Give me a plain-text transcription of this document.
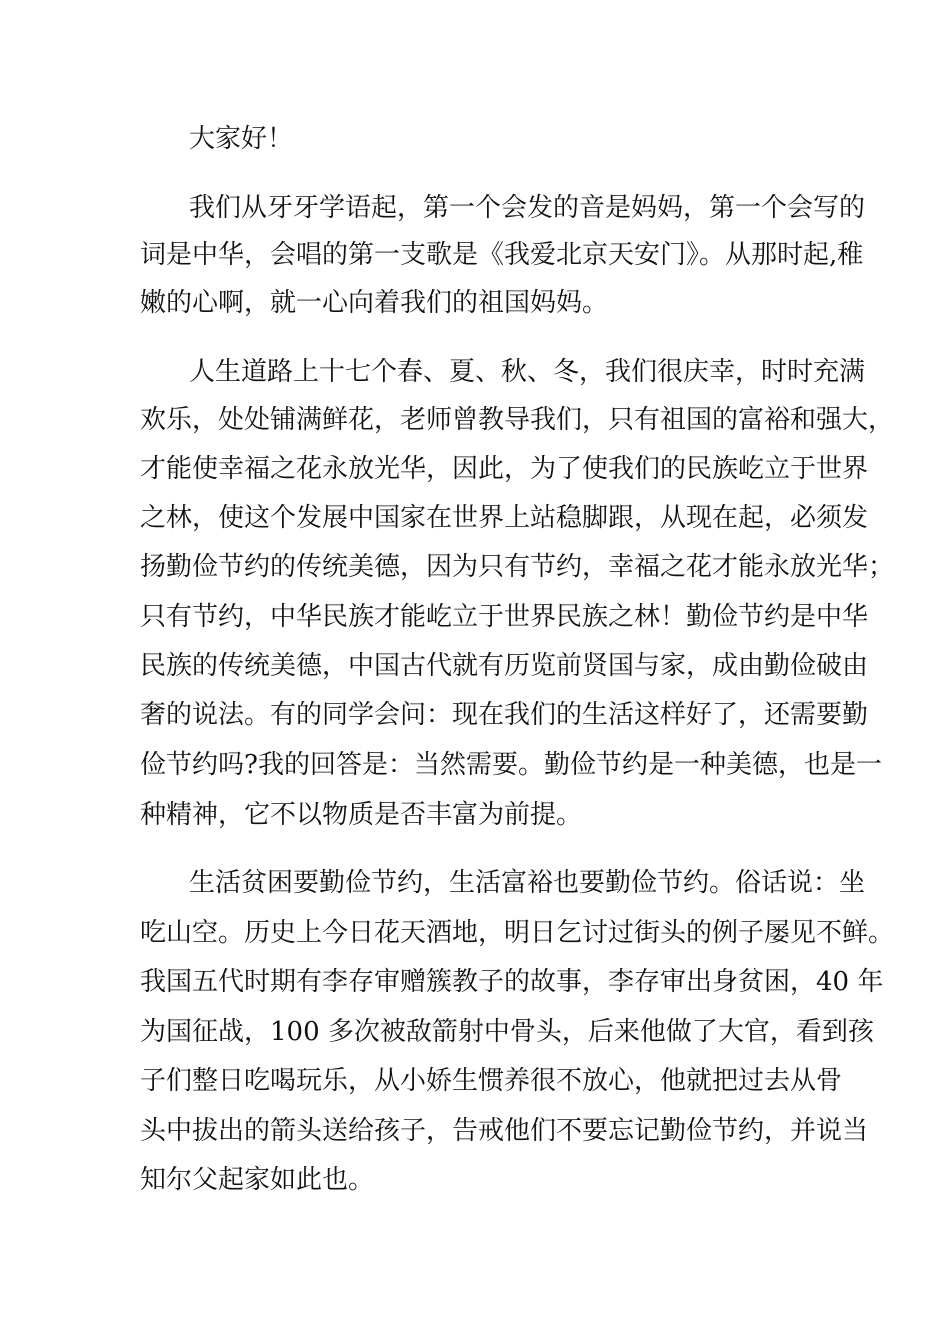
大家好！
我们从牙牙学语起，第一个会发的音是妈妈，第一个会写的
词是中华，会唱的第一支歌是《我爱北京天安门》。从那时起,稚
嫩的心啊，就一心向着我们的祖国妈妈。
人生道路上十七个春、夏、秋、冬，我们很庆幸，时时充满
欢乐，处处铺满鲜花，老师曾教导我们，只有祖国的富裕和强大，
才能使幸福之花永放光华，因此，为了使我们的民族屹立于世界
之林，使这个发展中国家在世界上站稳脚跟，从现在起，必须发
扬勤俭节约的传统美德，因为只有节约，幸福之花才能永放光华；
只有节约，中华民族才能屹立于世界民族之林！勤俭节约是中华
民族的传统美德，中国古代就有历览前贤国与家，成由勤俭破由
奢的说法。有的同学会问：现在我们的生活这样好了，还需要勤
俭节约吗?我的回答是：当然需要。勤俭节约是一种美德，也是一
种精神，它不以物质是否丰富为前提。
生活贫困要勤俭节约，生活富裕也要勤俭节约。俗话说：坐
吃山空。历史上今日花天酒地，明日乞讨过街头的例子屡见不鲜。
我国五代时期有李存审赠簇教子的故事，李存审出身贫困，40 年
为国征战，100 多次被敌箭射中骨头，后来他做了大官，看到孩
子们整日吃喝玩乐，从小娇生惯养很不放心，他就把过去从骨
头中拔出的箭头送给孩子，告戒他们不要忘记勤俭节约，并说当
知尔父起家如此也。
